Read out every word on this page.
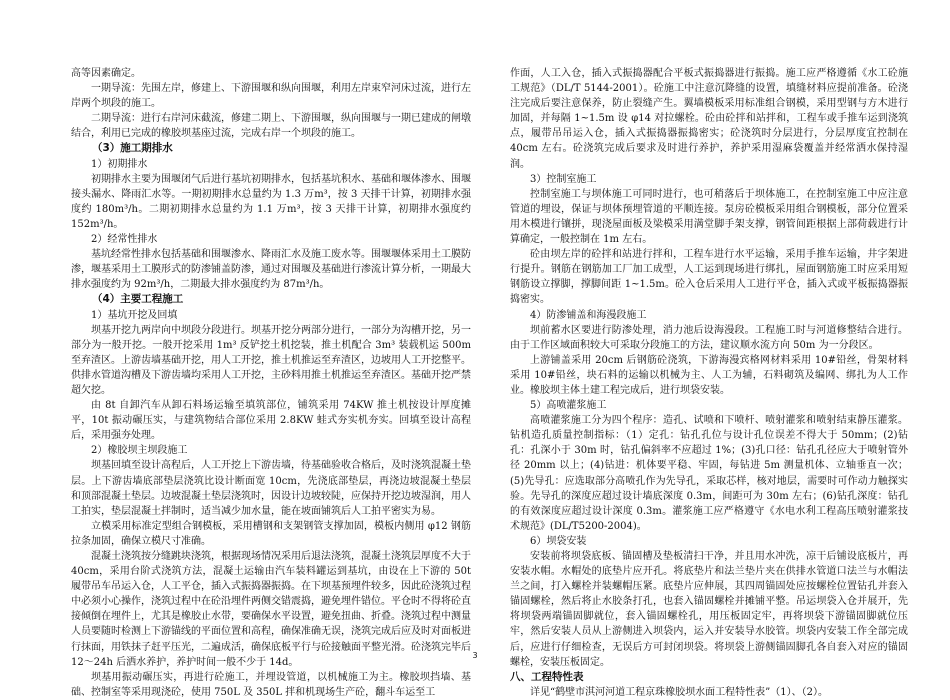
高等因素确定。

一期导流：先围左岸，修建上、下游围堰和纵向围堰，利用左岸束窄河床过流，进行左岸两个坝段的施工。

二期导流：进行右岸河床截流，修建二期上、下游围堰，纵向围堰与一期已建成的闸墩结合，利用已完成的橡胶坝基座过流，完成右岸一个坝段的施工。

（3）施工期排水

1）初期排水

初期排水主要为围堰闭气后进行基坑初期排水，包括基坑积水、基础和堰体渗水、围堰接头漏水、降雨汇水等。一期初期排水总量约为 1.3 万m³，按 3 天排干计算，初期排水强度约 180m³/h。二期初期排水总量约为 1.1 万m³，按 3 天排干计算，初期排水强度约 152m³/h。

2）经常性排水

基坑经常性排水包括基础和围堰渗水、降雨汇水及施工废水等。围堰堰体采用土工膜防渗，堰基采用土工膜形式的防渗铺盖防渗，通过对围堰及基础进行渗流计算分析，一期最大排水强度约为 92m³/h，二期最大排水强度约为 87m³/h。

（4）主要工程施工

1）基坑开挖及回填

坝基开挖九两岸向中坝段分段进行。坝基开挖分两部分进行，一部分为沟槽开挖，另一部分为一般开挖。一般开挖采用 1m³ 反铲挖土机挖装，推土机配合 3m³ 装载机运 500m 至弃渣区。上游齿墙基础开挖，用人工开挖，推土机推运至弃渣区，边坡用人工开挖整平。供排水管道沟槽及下游齿墙均采用人工开挖，主砂料用推土机推运至弃渣区。基础开挖严禁超欠挖。

由 8t 自卸汽车从卸石料场运输至填筑部位，铺筑采用 74KW 推土机按设计厚度摊平，10t 振动碾压实，与建筑物结合部位采用 2.8KW 蛙式夯实机夯实。回填至设计高程后，采用强夯处理。

2）橡胶坝主坝段施工

坝基回填至设计高程后，人工开挖上下游齿墙，待基础验收合格后，及时浇筑混凝土垫层。上下游齿墙底部垫层浇筑比设计断面宽 10cm，先浇底部垫层，再浇边坡混凝土垫层和顶部混凝土垫层。边坡混凝土垫层浇筑时，因设计边坡较陡，应保持开挖边坡湿润，用人工拍实，垫层混凝土拌制时，适当减少加水量，能在坡面铺筑后人工拍平密实为易。

立模采用标准定型组合钢模板，采用槽钢和支架钢管支撑加固，模板内侧用 φ12 钢筋拉条加固，确保立模尺寸准确。

混凝土浇筑按分缝跳块浇筑，根据现场情况采用后退法浇筑，混凝土浇筑层厚度不大于 40cm，采用台阶式浇筑方法，混凝土运输由汽车装料罐运到基坑，由设在上下游的 50t 履带吊车吊运入仓，人工平仓，插入式振捣器振捣。在下坝基预埋件较多，因此砼浇筑过程中必须小心操作，浇筑过程中在砼沿埋件两侧交错震捣，避免埋件错位。平仓时不得将砼直接倾倒在埋件上，尤其是橡胶止水带，要确保水平设置，避免扭曲、折叠。浇筑过程中测量人员要随时检测上下游锚线的平面位置和高程，确保准确无误，浇筑完成后应及时对面板进行抹面，用铁抹子赶平压光，二遍成活，确保底板平行与砼接触面平整光滑。砼浇筑完毕后 12～24h 后洒水养护，养护时间一般不少于 14d。

坝基用振动碾压实，再进行砼施工，并埋设管道，以机械施工为主。橡胶坝挡墙、基础、控制室等采用现浇砼，使用 750L 及 350L 拌和机现场生产砼，翻斗车运至工

作面，人工入仓，插入式振捣器配合平板式振捣器进行振捣。施工应严格遵循《水工砼施工规范》（DL/T 5144-2001）。砼施工中注意沉降缝的设置，填缝材料应提前准备。砼浇注完成后要注意保养，防止裂缝产生。翼墙模板采用标准组合钢模，采用型钢与方木进行加固，并每隔 1~1.5m 设 φ14 对拉螺栓。砼由砼拌和站拌和，工程车或手推车运到浇筑点，履带吊吊运入仓，插入式振捣器振捣密实；砼浇筑时分层进行，分层厚度宜控制在 40cm 左右。砼浇筑完成后要求及时进行养护，养护采用湿麻袋覆盖并经常洒水保持湿润。

3）控制室施工

控制室施工与坝体施工可同时进行，也可稍落后于坝体施工，在控制室施工中应注意管道的埋设，保证与坝体预埋管道的平顺连接。泵房砼模板采用组合钢模板，部分位置采用木模进行镶拼，现浇屋面板及梁模采用满堂脚手架支撑，钢管间距根据上部荷载进行计算确定，一般控制在 1m 左右。

砼由坝左岸的砼拌和站进行拌和，工程车进行水平运输，采用手推车运输，井字架进行提升。钢筋在钢筋加工厂加工成型，人工运到现场进行绑扎，屋面钢筋施工时应采用短钢筋设立撑脚，撑脚间距 1~1.5m。砼入仓后采用人工进行平仓，插入式或平板振捣器振捣密实。

4）防渗铺盖和海漫段施工

坝前蓄水区要进行防渗处理，消力池后设海漫段。工程施工时与河道修整结合进行。由于工作区域面积较大可采取分段施工的方法，建议顺水流方向 50m 为一分段区。

上游铺盖采用 20cm 后钢筋砼浇筑，下游海漫宾格网材料采用 10#铅丝，骨架材料采用 10#铅丝，块石料的运输以机械为主、人工为辅，石料砌筑及编网、绑扎为人工作业。橡胶坝主体土建工程完成后，进行坝袋安装。

5）高喷灌浆施工

高喷灌浆施工分为四个程序：造孔、试喷和下喷杆、喷射灌浆和喷射结束静压灌浆。钻机造孔质量控制指标：（1）定孔：钻孔孔位与设计孔位误差不得大于 50mm；(2)钻孔：孔深小于 30m 时，钻孔偏斜率不应超过 1%；(3)孔口径：钻孔孔径应大于喷射管外径 20mm 以上；(4)钻进：机体要平稳、牢固，每钻进 5m 测量机体、立轴垂直一次；(5)先导孔：应选取部分高喷孔作为先导孔，采取芯样，核对地层，需要时可作动力触探实验。先导孔的深度应超过设计墙底深度 0.3m，间距可为 30m 左右；(6)钻孔深度：钻孔的有效深度应超过设计深度 0.3m。灌浆施工应严格遵守《水电水利工程高压喷射灌浆技术规范》(DL/T5200-2004)。

6）坝袋安装

安装前将坝袋底板、锚固槽及垫板清扫干净，并且用水冲洗，凉干后铺设底板片，再安装水帽。水帽处的底垫片应开孔。将底垫片和法兰垫片夹在供排水管道口法兰与水帽法兰之间，打入螺栓并装螺帽压紧。底垫片应伸展，其四周锚固处应按螺栓位置钻孔并套入锚固螺栓，然后将止水胶条打孔，也套入锚固螺栓并摊铺平整。吊运坝袋入仓并展开，先将坝袋两端锚固脚就位，套入锚固螺栓孔，用压板固定牢，再将坝袋下游锚固脚就位压牢，然后安装人员从上游侧进入坝袋内，运入并安装导水胶管。坝袋内安装工作全部完成后，应进行仔细检查，无误后方可封闭坝袋。将坝袋上游侧锚固脚孔各自套入对应的锚固螺栓，安装压板固定。

八、工程特性表

详见“鹤壁市淇河河道工程京珠橡胶坝水面工程特性表”（1）、（2）。

3
